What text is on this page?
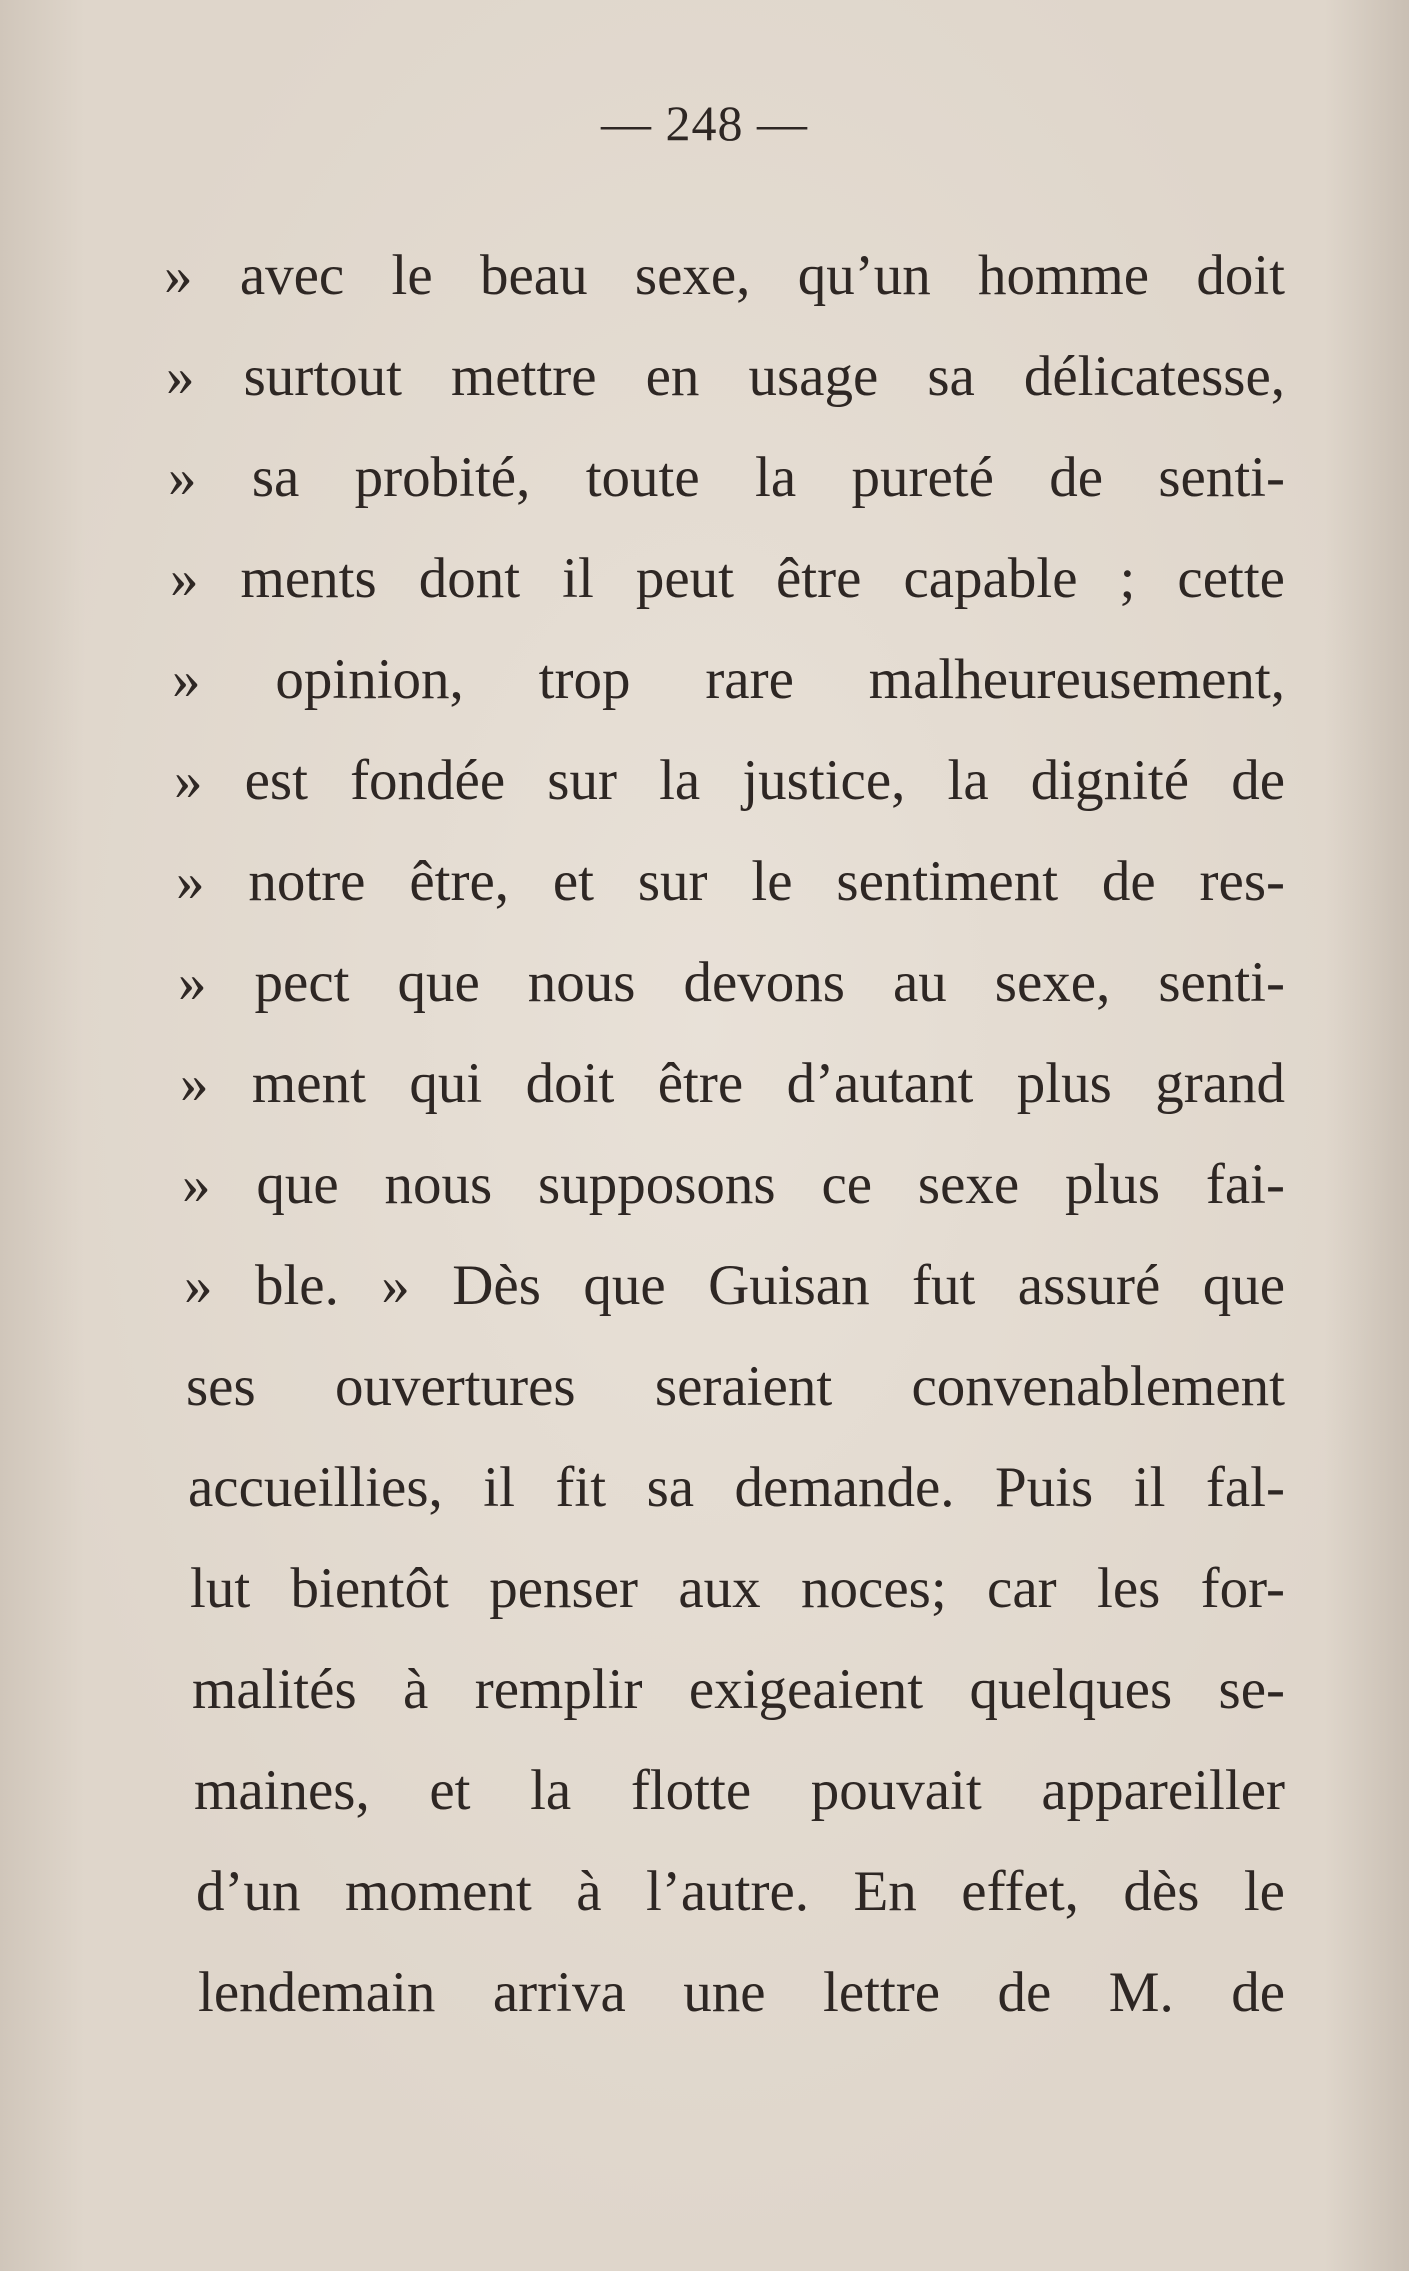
— 248 —
» avec le beau sexe, qu’un homme doit
» surtout mettre en usage sa délicatesse,
» sa probité, toute la pureté de senti-
» ments dont il peut être capable ; cette
» opinion, trop rare malheureusement,
» est fondée sur la justice, la dignité de
» notre être, et sur le sentiment de res-
» pect que nous devons au sexe, senti-
» ment qui doit être d’autant plus grand
» que nous supposons ce sexe plus fai-
» ble. » Dès que Guisan fut assuré que
ses ouvertures seraient convenablement
accueillies, il fit sa demande. Puis il fal-
lut bientôt penser aux noces; car les for-
malités à remplir exigeaient quelques se-
maines, et la flotte pouvait appareiller
d’un moment à l’autre. En effet, dès le
lendemain arriva une lettre de M. de
